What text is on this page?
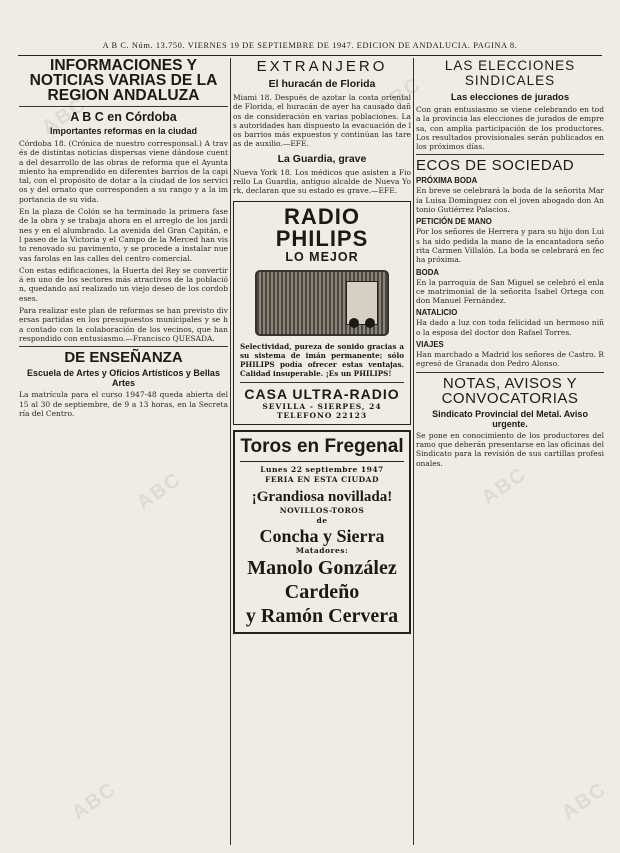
A B C. Núm. 13.750. VIERNES 19 DE SEPTIEMBRE DE 1947. EDICION DE ANDALUCIA. PAGINA 8.
INFORMACIONES Y NOTICIAS VARIAS DE LA REGION ANDALUZA
A B C en Córdoba
Importantes reformas en la ciudad

Córdoba 18. (Crónica de nuestro corresponsal.) A través de distintas noticias dispersas viene dándose cuenta del desarrollo de las obras de reforma que el Ayuntamiento ha emprendido en diferentes barrios de la capital, con el propósito de dotar a la ciudad de los servicios y del ornato que corresponden a su rango y a la importancia de su vida.

En la plaza de Colón se ha terminado la primera fase de la obra y se trabaja ahora en el arreglo de los jardines y en el alumbrado. La avenida del Gran Capitán, el paseo de la Victoria y el Campo de la Merced han visto renovado su pavimento, y se procede a instalar nuevas farolas en las calles del centro comercial.

Con estas edificaciones, la Huerta del Rey se convertirá en uno de los sectores más atractivos de la población, quedando así realizado un viejo deseo de los cordobeses.

Para realizar este plan de reformas se han previsto diversas partidas en los presupuestos municipales y se ha contado con la colaboración de los vecinos, que han respondido con entusiasmo.—Francisco QUESADA.

DE ENSEÑANZA
Escuela de Artes y Oficios Artísticos y Bellas Artes

La matrícula para el curso 1947-48 queda abierta del 15 al 30 de septiembre, de 9 a 13 horas, en la Secretaría del Centro.

EXTRANJERO
El huracán de Florida

Miami 18. Después de azotar la costa oriental de Florida, el huracán de ayer ha causado daños de consideración en varias poblaciones. Las autoridades han dispuesto la evacuación de los barrios más expuestos y continúan las tareas de auxilio.—EFE.

La Guardia, grave

Nueva York 18. Los médicos que asisten a Fiorello La Guardia, antiguo alcalde de Nueva York, declaran que su estado es grave.—EFE.

RADIO PHILIPS
LO MEJOR
Selectividad, pureza de sonido gracias a su sistema de imán permanente; sólo PHILIPS podía ofrecer estas ventajas. Calidad insuperable. ¡Es un PHILIPS!
CASA ULTRA-RADIO
SEVILLA - SIERPES, 24
TELEFONO 22123
Toros en Fregenal
Lunes 22 septiembre 1947
FERIA EN ESTA CIUDAD
¡Grandiosa novillada!
NOVILLOS-TOROS
de
Concha y Sierra
Matadores:
Manolo González
Cardeño
y Ramón Cervera
LAS ELECCIONES SINDICALES
Las elecciones de jurados

Con gran entusiasmo se viene celebrando en toda la provincia las elecciones de jurados de empresa, con amplia participación de los productores. Los resultados provisionales serán publicados en los próximos días.

ECOS DE SOCIEDAD
PRÓXIMA BODA

En breve se celebrará la boda de la señorita María Luisa Domínguez con el joven abogado don Antonio Gutiérrez Palacios.

PETICIÓN DE MANO

Por los señores de Herrera y para su hijo don Luis ha sido pedida la mano de la encantadora señorita Carmen Villalón. La boda se celebrará en fecha próxima.

BODA

En la parroquia de San Miguel se celebró el enlace matrimonial de la señorita Isabel Ortega con don Manuel Fernández.

NATALICIO

Ha dado a luz con toda felicidad un hermoso niño la esposa del doctor don Rafael Torres.

VIAJES

Han marchado a Madrid los señores de Castro. Regresó de Granada don Pedro Alonso.

NOTAS, AVISOS Y CONVOCATORIAS
Sindicato Provincial del Metal. Aviso urgente.

Se pone en conocimiento de los productores del ramo que deberán presentarse en las oficinas del Sindicato para la revisión de sus cartillas profesionales.

ABC	ABC
ABC	ABC
ABC	ABC
